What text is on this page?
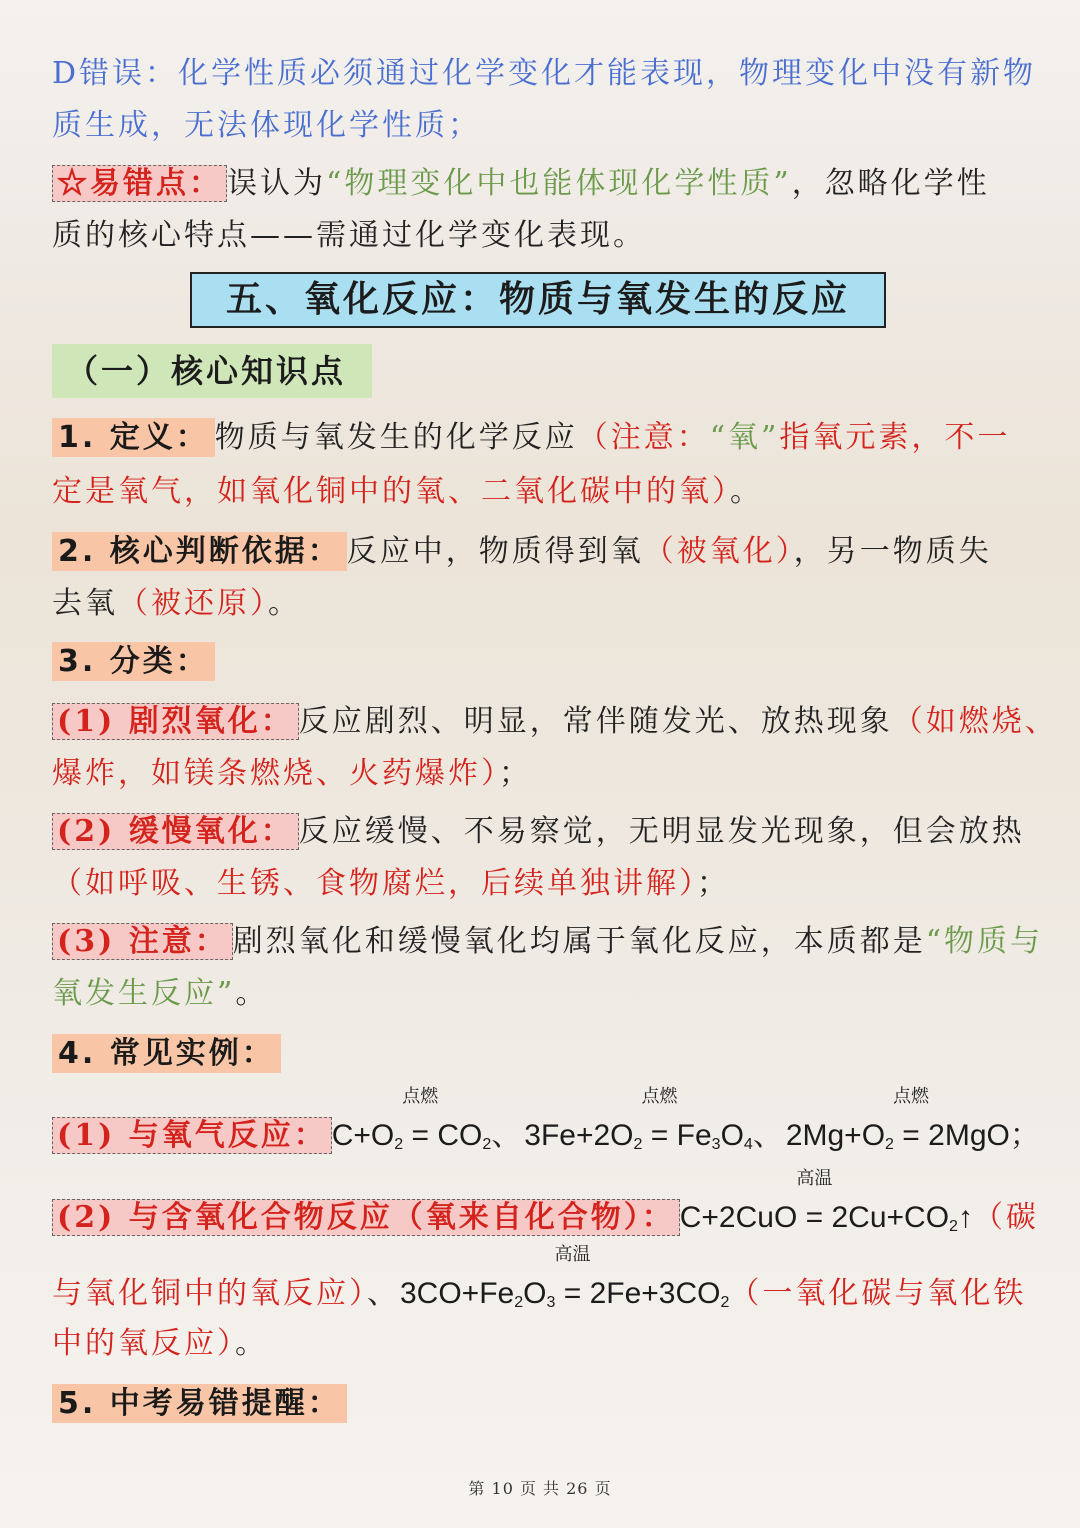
D错误：化学性质必须通过化学变化才能表现，物理变化中没有新物
质生成，无法体现化学性质；
☆易错点： 误认为“物理变化中也能体现化学性质”，忽略化学性
质的核心特点——需通过化学变化表现。
五、氧化反应：物质与氧发生的反应
（一）核心知识点
1. 定义： 物质与氧发生的化学反应（注意：“氧”指氧元素，不一
定是氧气，如氧化铜中的氧、二氧化碳中的氧）。
2. 核心判断依据： 反应中，物质得到氧（被氧化），另一物质失
去氧（被还原）。
3. 分类：
(1) 剧烈氧化： 反应剧烈、明显，常伴随发光、放热现象（如燃烧、
爆炸，如镁条燃烧、火药爆炸）；
(2) 缓慢氧化： 反应缓慢、不易察觉，无明显发光现象，但会放热
（如呼吸、生锈、食物腐烂，后续单独讲解）；
(3) 注意： 剧烈氧化和缓慢氧化均属于氧化反应，本质都是“物质与
氧发生反应”。
4. 常见实例：
(1) 与氧气反应： $C+O_2$
点燃
= $CO_2$、$3Fe+2O_2$
点燃
= $Fe_3O_4$、$2Mg+O_2$
点燃
= 2MgO；
(2) 与含氧化合物反应（氧来自化合物）： C+2CuO
高温
= $2Cu+CO_2↑$（碳
与氧化铜中的氧反应）、$3CO+Fe_2O_3$
高温
= $2Fe+3CO_2$（一氧化碳与氧化铁
中的氧反应）。
5. 中考易错提醒：
第 10 页 共 26 页
